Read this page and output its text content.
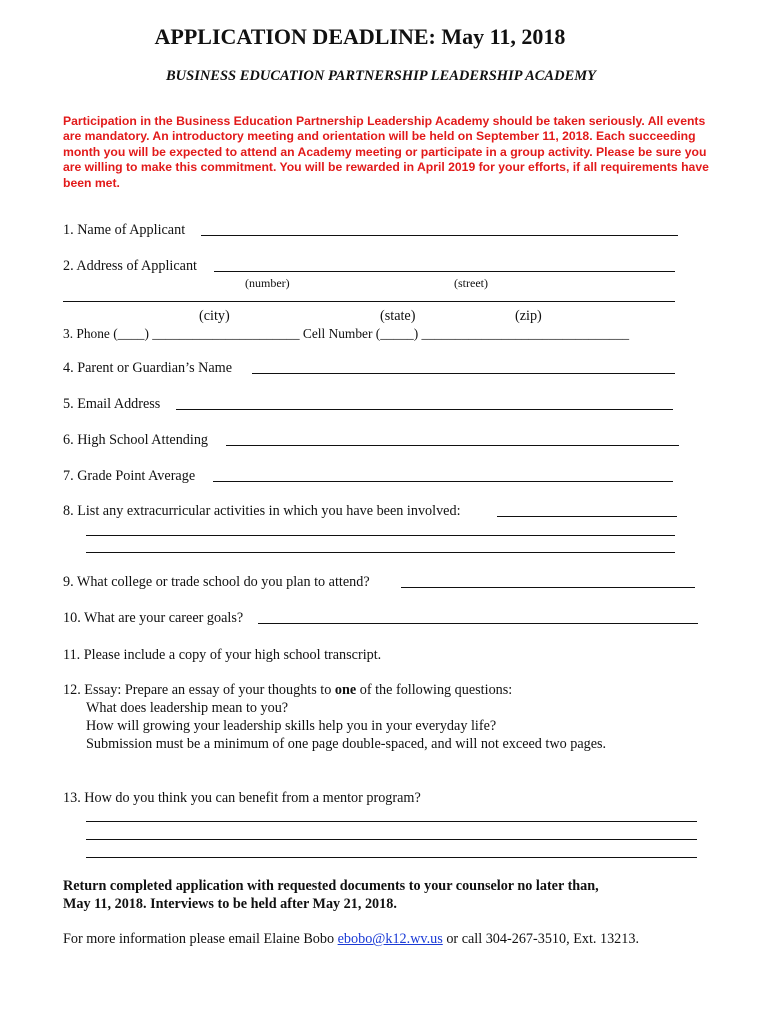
APPLICATION DEADLINE: May 11, 2018
BUSINESS EDUCATION PARTNERSHIP LEADERSHIP ACADEMY
Participation in the Business Education Partnership Leadership Academy should be taken seriously. All events are mandatory. An introductory meeting and orientation will be held on September 11, 2018. Each succeeding month you will be expected to attend an Academy meeting or participate in a group activity. Please be sure you are willing to make this commitment. You will be rewarded in April 2019 for your efforts, if all requirements have been met.
1. Name of Applicant
2. Address of Applicant
(number)	(street)
(city)	(state)	(zip)
3. Phone (____) ______________________ Cell Number (_____) _______________________________
4. Parent or Guardian’s Name
5. Email Address
6. High School Attending
7. Grade Point Average
8. List any extracurricular activities in which you have been involved:
9. What college or trade school do you plan to attend?
10. What are your career goals?
11. Please include a copy of your high school transcript.
12. Essay: Prepare an essay of your thoughts to one of the following questions:
What does leadership mean to you?
How will growing your leadership skills help you in your everyday life?
Submission must be a minimum of one page double-spaced, and will not exceed two pages.
13. How do you think you can benefit from a mentor program?
Return completed application with requested documents to your counselor no later than,
May 11, 2018. Interviews to be held after May 21, 2018.
For more information please email Elaine Bobo ebobo@k12.wv.us or call 304-267-3510, Ext. 13213.
